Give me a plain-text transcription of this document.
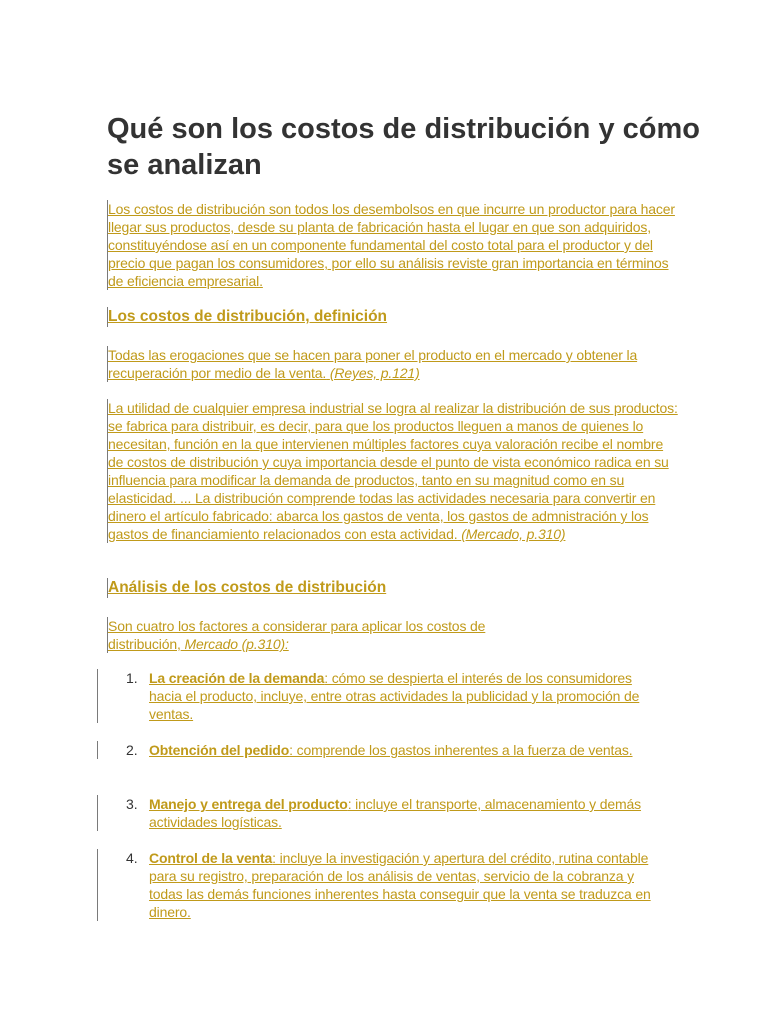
Qué son los costos de distribución y cómo se analizan
Los costos de distribución son todos los desembolsos en que incurre un productor para hacer llegar sus productos, desde su planta de fabricación hasta el lugar en que son adquiridos, constituyéndose así en un componente fundamental del costo total para el productor y del precio que pagan los consumidores, por ello su análisis reviste gran importancia en términos de eficiencia empresarial.
Los costos de distribución, definición
Todas las erogaciones que se hacen para poner el producto en el mercado y obtener la recuperación por medio de la venta. (Reyes, p.121)
La utilidad de cualquier empresa industrial se logra al realizar la distribución de sus productos: se fabrica para distribuir, es decir, para que los productos lleguen a manos de quienes lo necesitan, función en la que intervienen múltiples factores cuya valoración recibe el nombre de costos de distribución y cuya importancia desde el punto de vista económico radica en su influencia para modificar la demanda de productos, tanto en su magnitud como en su elasticidad. ... La distribución comprende todas las actividades necesaria para convertir en dinero el artículo fabricado: abarca los gastos de venta, los gastos de admnistración y los gastos de financiamiento relacionados con esta actividad. (Mercado, p.310)
Análisis de los costos de distribución
Son cuatro los factores a considerar para aplicar los costos de distribución, Mercado (p.310):
1. La creación de la demanda: cómo se despierta el interés de los consumidores hacia el producto, incluye, entre otras actividades la publicidad y la promoción de ventas.
2. Obtención del pedido: comprende los gastos inherentes a la fuerza de ventas.
3. Manejo y entrega del producto: incluye el transporte, almacenamiento y demás actividades logísticas.
4. Control de la venta: incluye la investigación y apertura del crédito, rutina contable para su registro, preparación de los análisis de ventas, servicio de la cobranza y todas las demás funciones inherentes hasta conseguir que la venta se traduzca en dinero.
